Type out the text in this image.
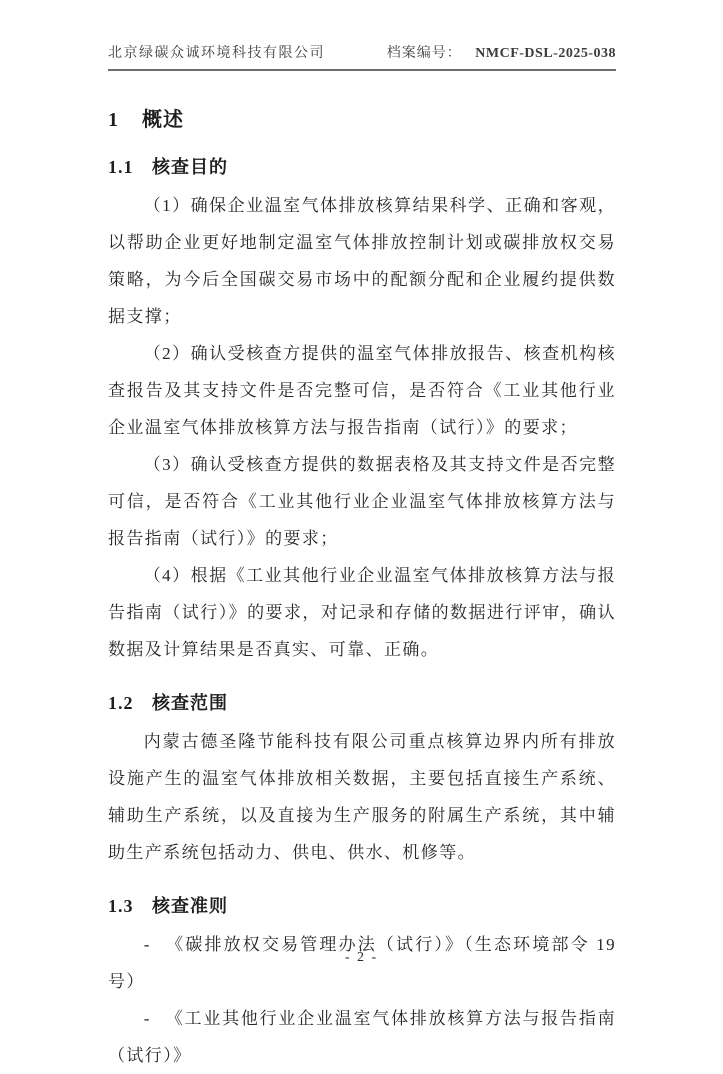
北京绿碳众诚环境科技有限公司	档案编号： NMCF-DSL-2025-038
1 概述
1.1 核查目的

（1）确保企业温室气体排放核算结果科学、正确和客观，以帮助企业更好地制定温室气体排放控制计划或碳排放权交易策略，为今后全国碳交易市场中的配额分配和企业履约提供数据支撑；

（2）确认受核查方提供的温室气体排放报告、核查机构核查报告及其支持文件是否完整可信，是否符合《工业其他行业企业温室气体排放核算方法与报告指南（试行）》的要求；

（3）确认受核查方提供的数据表格及其支持文件是否完整可信，是否符合《工业其他行业企业温室气体排放核算方法与报告指南（试行）》的要求；

（4）根据《工业其他行业企业温室气体排放核算方法与报告指南（试行）》的要求，对记录和存储的数据进行评审，确认数据及计算结果是否真实、可靠、正确。

1.2 核查范围

内蒙古德圣隆节能科技有限公司重点核算边界内所有排放设施产生的温室气体排放相关数据，主要包括直接生产系统、辅助生产系统，以及直接为生产服务的附属生产系统，其中辅助生产系统包括动力、供电、供水、机修等。

1.3 核查准则

- 《碳排放权交易管理办法（试行）》（生态环境部令 19 号）

- 《工业其他行业企业温室气体排放核算方法与报告指南（试行）》

- 2 -
